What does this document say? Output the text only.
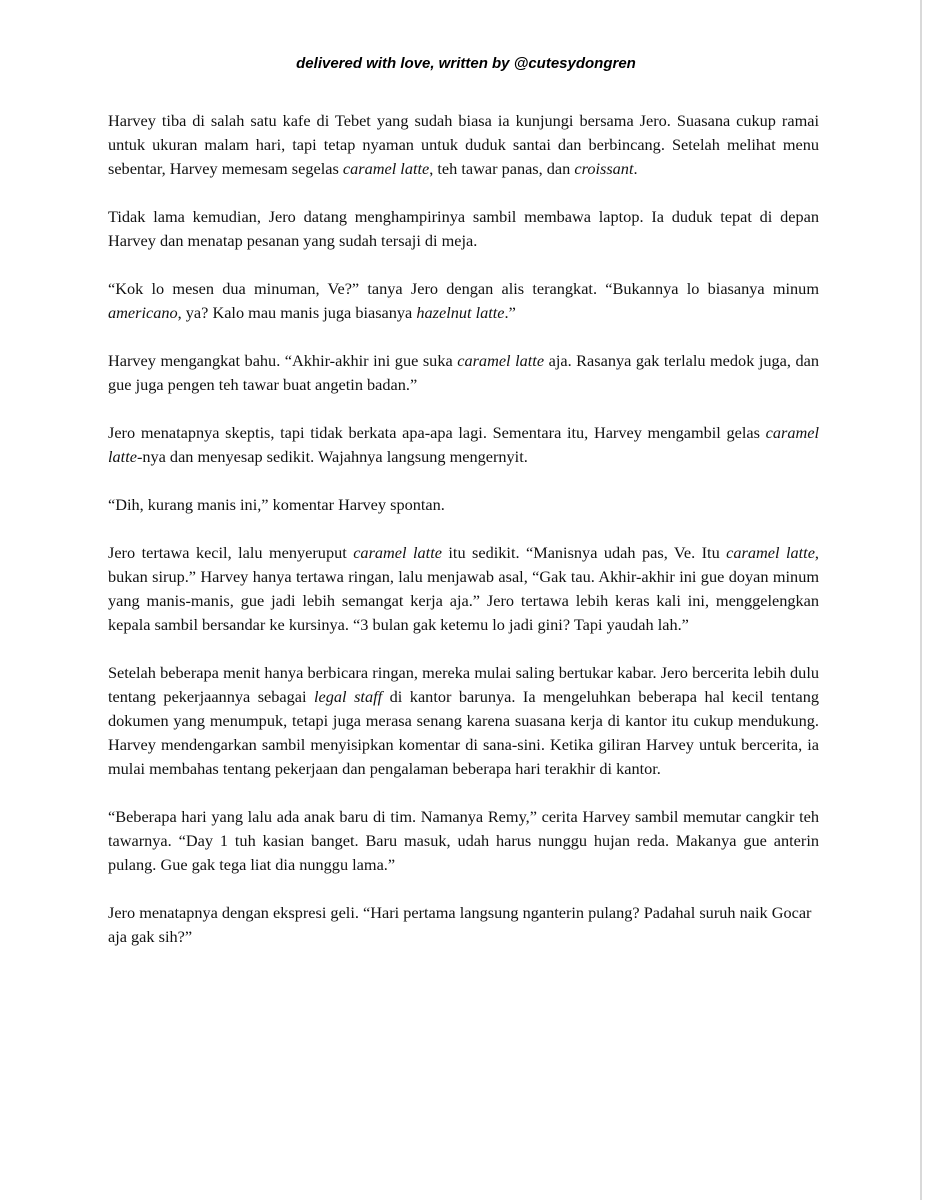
delivered with love, written by @cutesydongren

Harvey tiba di salah satu kafe di Tebet yang sudah biasa ia kunjungi bersama Jero. Suasana cukup ramai untuk ukuran malam hari, tapi tetap nyaman untuk duduk santai dan berbincang. Setelah melihat menu sebentar, Harvey memesam segelas caramel latte, teh tawar panas, dan croissant.

Tidak lama kemudian, Jero datang menghampirinya sambil membawa laptop. Ia duduk tepat di depan Harvey dan menatap pesanan yang sudah tersaji di meja.

“Kok lo mesen dua minuman, Ve?” tanya Jero dengan alis terangkat. “Bukannya lo biasanya minum americano, ya? Kalo mau manis juga biasanya hazelnut latte.”

Harvey mengangkat bahu. “Akhir-akhir ini gue suka caramel latte aja. Rasanya gak terlalu medok juga, dan gue juga pengen teh tawar buat angetin badan.”

Jero menatapnya skeptis, tapi tidak berkata apa-apa lagi. Sementara itu, Harvey mengambil gelas caramel latte-nya dan menyesap sedikit. Wajahnya langsung mengernyit.

“Dih, kurang manis ini,” komentar Harvey spontan.

Jero tertawa kecil, lalu menyeruput caramel latte itu sedikit. “Manisnya udah pas, Ve. Itu caramel latte, bukan sirup.” Harvey hanya tertawa ringan, lalu menjawab asal, “Gak tau. Akhir-akhir ini gue doyan minum yang manis-manis, gue jadi lebih semangat kerja aja.” Jero tertawa lebih keras kali ini, menggelengkan kepala sambil bersandar ke kursinya. “3 bulan gak ketemu lo jadi gini? Tapi yaudah lah.”

Setelah beberapa menit hanya berbicara ringan, mereka mulai saling bertukar kabar. Jero bercerita lebih dulu tentang pekerjaannya sebagai legal staff di kantor barunya. Ia mengeluhkan beberapa hal kecil tentang dokumen yang menumpuk, tetapi juga merasa senang karena suasana kerja di kantor itu cukup mendukung. Harvey mendengarkan sambil menyisipkan komentar di sana-sini. Ketika giliran Harvey untuk bercerita, ia mulai membahas tentang pekerjaan dan pengalaman beberapa hari terakhir di kantor.

“Beberapa hari yang lalu ada anak baru di tim. Namanya Remy,” cerita Harvey sambil memutar cangkir teh tawarnya. “Day 1 tuh kasian banget. Baru masuk, udah harus nunggu hujan reda. Makanya gue anterin pulang. Gue gak tega liat dia nunggu lama.”

Jero menatapnya dengan ekspresi geli. “Hari pertama langsung nganterin pulang? Padahal suruh naik Gocar aja gak sih?”
